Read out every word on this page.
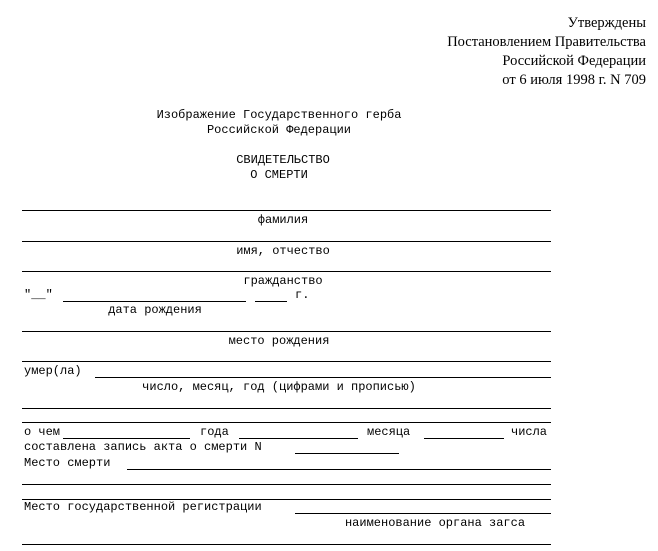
Утверждены
Постановлением Правительства
Российской Федерации
от 6 июля 1998 г. N 709
Изображение Государственного герба
Российской Федерации
СВИДЕТЕЛЬСТВО
О СМЕРТИ
фамилия
имя, отчество
гражданство
"__"	г.
дата рождения
место рождения
умер(ла)
число, месяц, год (цифрами и прописью)
о чем	года	месяца	числа
составлена запись акта о смерти N
Место смерти
Место государственной регистрации
наименование органа загса
